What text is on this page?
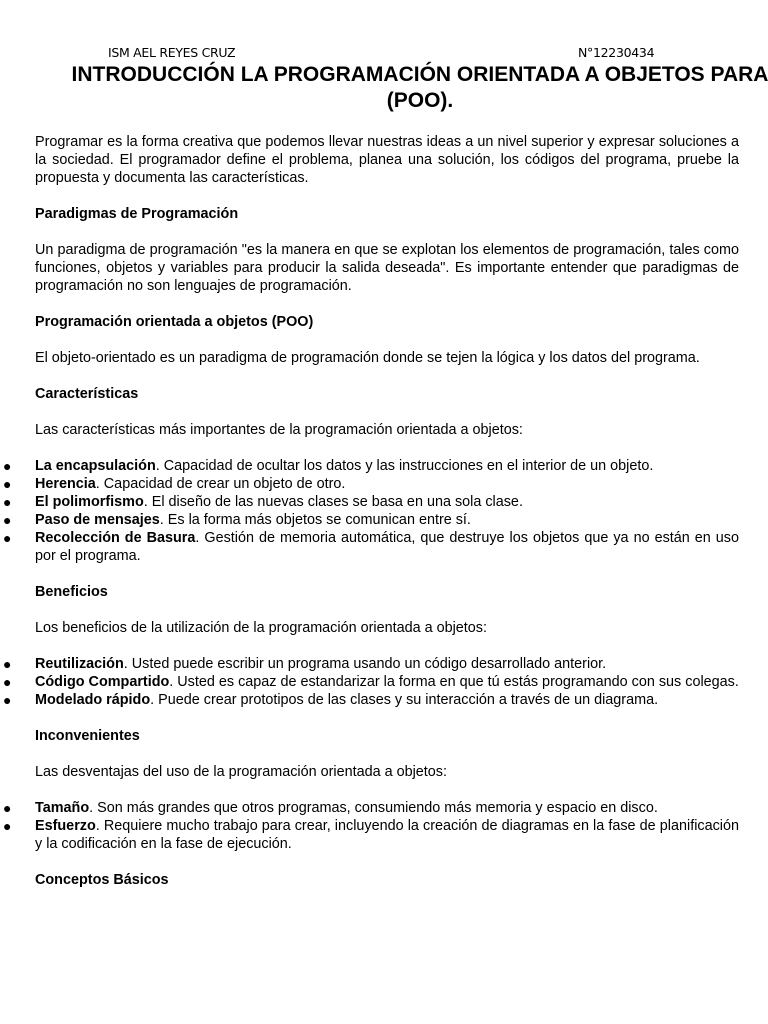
ISM AEL REYES CRUZ	N°12230434
INTRODUCCIÓN LA PROGRAMACIÓN ORIENTADA A OBJETOS PARA (POO).

Programar es la forma creativa que podemos llevar nuestras ideas a un nivel superior y expresar soluciones a la sociedad. El programador define el problema, planea una solución, los códigos del programa, pruebe la propuesta y documenta las características.

Paradigmas de Programación

Un paradigma de programación "es la manera en que se explotan los elementos de programación, tales como funciones, objetos y variables para producir la salida deseada". Es importante entender que paradigmas de programación no son lenguajes de programación.

Programación orientada a objetos (POO)

El objeto-orientado es un paradigma de programación donde se tejen la lógica y los datos del programa.

Características

Las características más importantes de la programación orientada a objetos:

● La encapsulación. Capacidad de ocultar los datos y las instrucciones en el interior de un objeto.
● Herencia. Capacidad de crear un objeto de otro.
● El polimorfismo. El diseño de las nuevas clases se basa en una sola clase.
● Paso de mensajes. Es la forma más objetos se comunican entre sí.
● Recolección de Basura. Gestión de memoria automática, que destruye los objetos que ya no están en uso por el programa.
Beneficios

Los beneficios de la utilización de la programación orientada a objetos:

● Reutilización. Usted puede escribir un programa usando un código desarrollado anterior.
● Código Compartido. Usted es capaz de estandarizar la forma en que tú estás programando con sus colegas.
● Modelado rápido. Puede crear prototipos de las clases y su interacción a través de un diagrama.
Inconvenientes

Las desventajas del uso de la programación orientada a objetos:

● Tamaño. Son más grandes que otros programas, consumiendo más memoria y espacio en disco.
● Esfuerzo. Requiere mucho trabajo para crear, incluyendo la creación de diagramas en la fase de planificación y la codificación en la fase de ejecución.
Conceptos Básicos
